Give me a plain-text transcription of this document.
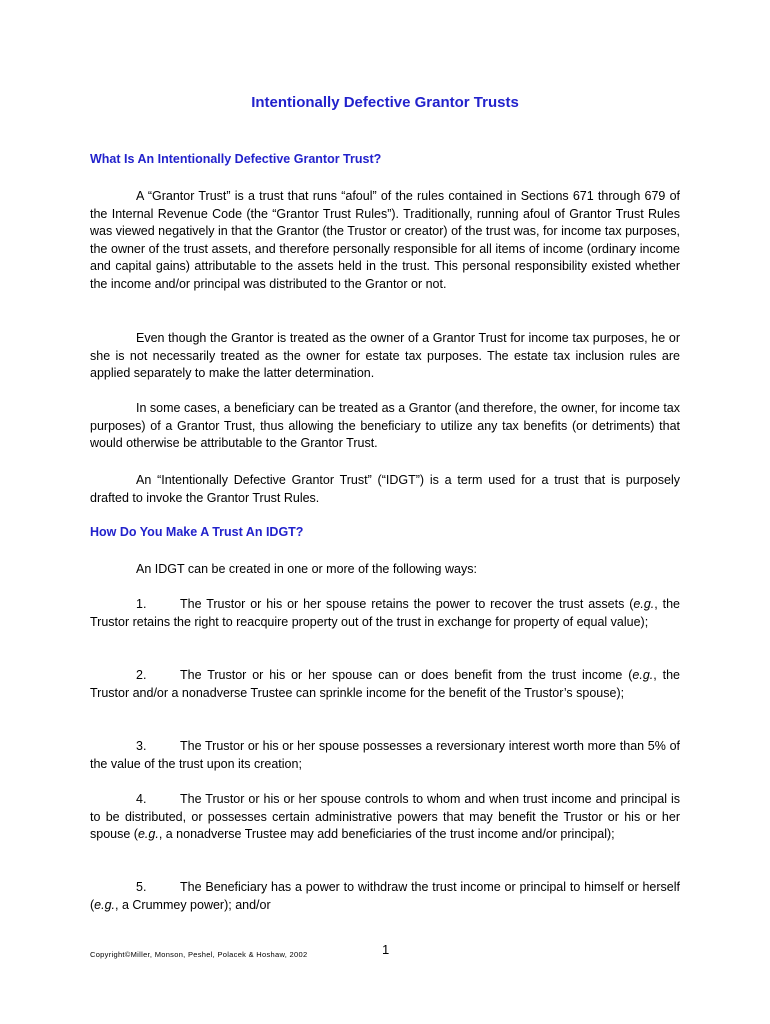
Intentionally Defective Grantor Trusts
What Is An Intentionally Defective Grantor Trust?

A “Grantor Trust” is a trust that runs “afoul” of the rules contained in Sections 671 through 679 of the Internal Revenue Code (the “Grantor Trust Rules”). Traditionally, running afoul of Grantor Trust Rules was viewed negatively in that the Grantor (the Trustor or creator) of the trust was, for income tax purposes, the owner of the trust assets, and therefore personally responsible for all items of income (ordinary income and capital gains) attributable to the assets held in the trust. This personal responsibility existed whether the income and/or principal was distributed to the Grantor or not.

Even though the Grantor is treated as the owner of a Grantor Trust for income tax purposes, he or she is not necessarily treated as the owner for estate tax purposes. The estate tax inclusion rules are applied separately to make the latter determination.

In some cases, a beneficiary can be treated as a Grantor (and therefore, the owner, for income tax purposes) of a Grantor Trust, thus allowing the beneficiary to utilize any tax benefits (or detriments) that would otherwise be attributable to the Grantor Trust.

An “Intentionally Defective Grantor Trust” (“IDGT”) is a term used for a trust that is purposely drafted to invoke the Grantor Trust Rules.

How Do You Make A Trust An IDGT?

An IDGT can be created in one or more of the following ways:

1.	The Trustor or his or her spouse retains the power to recover the trust assets (e.g., the Trustor retains the right to reacquire property out of the trust in exchange for property of equal value);

2.	The Trustor or his or her spouse can or does benefit from the trust income (e.g., the Trustor and/or a nonadverse Trustee can sprinkle income for the benefit of the Trustor’s spouse);

3.	The Trustor or his or her spouse possesses a reversionary interest worth more than 5% of the value of the trust upon its creation;

4.	The Trustor or his or her spouse controls to whom and when trust income and principal is to be distributed, or possesses certain administrative powers that may benefit the Trustor or his or her spouse (e.g., a nonadverse Trustee may add beneficiaries of the trust income and/or principal);

5.	The Beneficiary has a power to withdraw the trust income or principal to himself or herself (e.g., a Crummey power); and/or

Copyright©Miller, Monson, Peshel, Polacek & Hoshaw, 2002	1
